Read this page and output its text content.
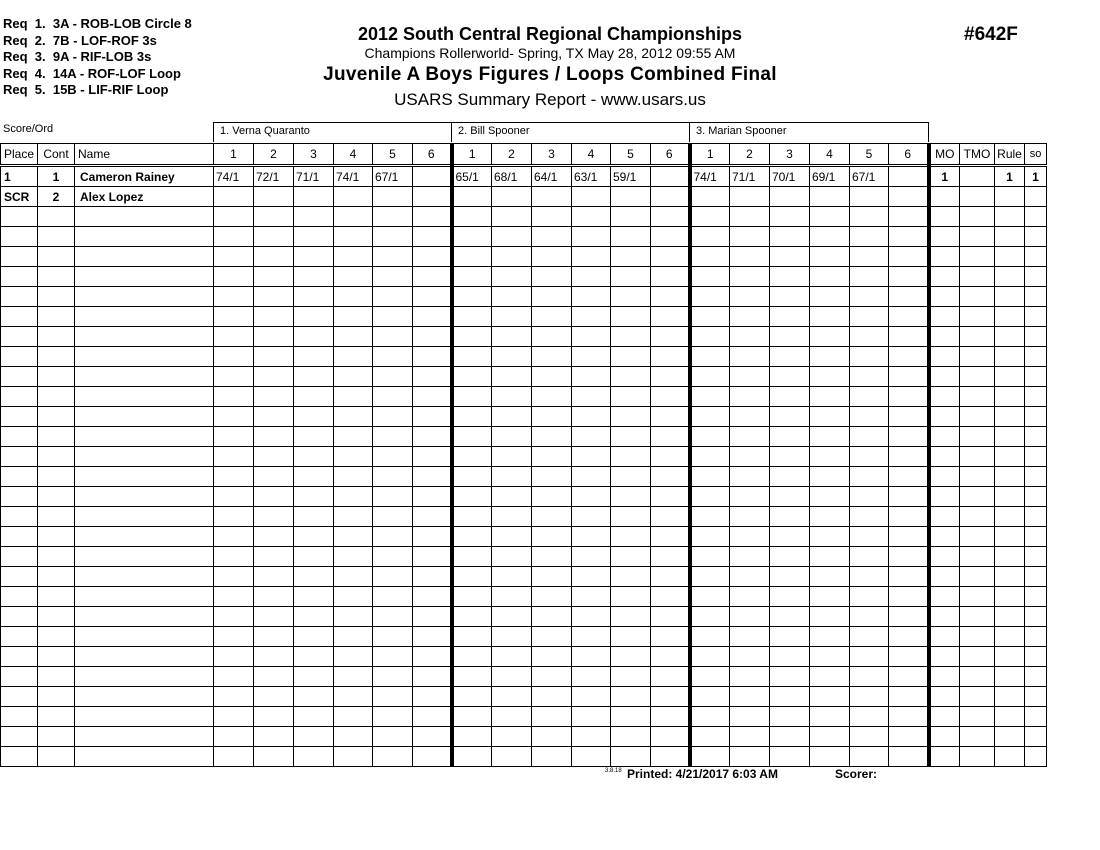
Req  1.  3A - ROB-LOB Circle 8
Req  2.  7B - LOF-ROF 3s
Req  3.  9A - RIF-LOB 3s
Req  4.  14A - ROF-LOF Loop
Req  5.  15B - LIF-RIF Loop
2012 South Central Regional Championships
Champions Rollerworld- Spring, TX May 28, 2012 09:55 AM
Juvenile A Boys Figures / Loops Combined Final
USARS Summary Report - www.usars.us
#642F
Score/Ord	1. Verna Quaranto	2. Bill Spooner	3. Marian Spooner
Place	Cont	Name	1	2	3	4	5	6	1	2	3	4	5	6	1	2	3	4	5	6	MO	TMO	Rule	so
1	1	Cameron Rainey	74/1	72/1	71/1	74/1	67/1		65/1	68/1	64/1	63/1	59/1		74/1	71/1	70/1	69/1	67/1		1		1	1
SCR	2	Alex Lopez																						

3.8.18 Printed: 4/21/2017 6:03 AM	Scorer:
